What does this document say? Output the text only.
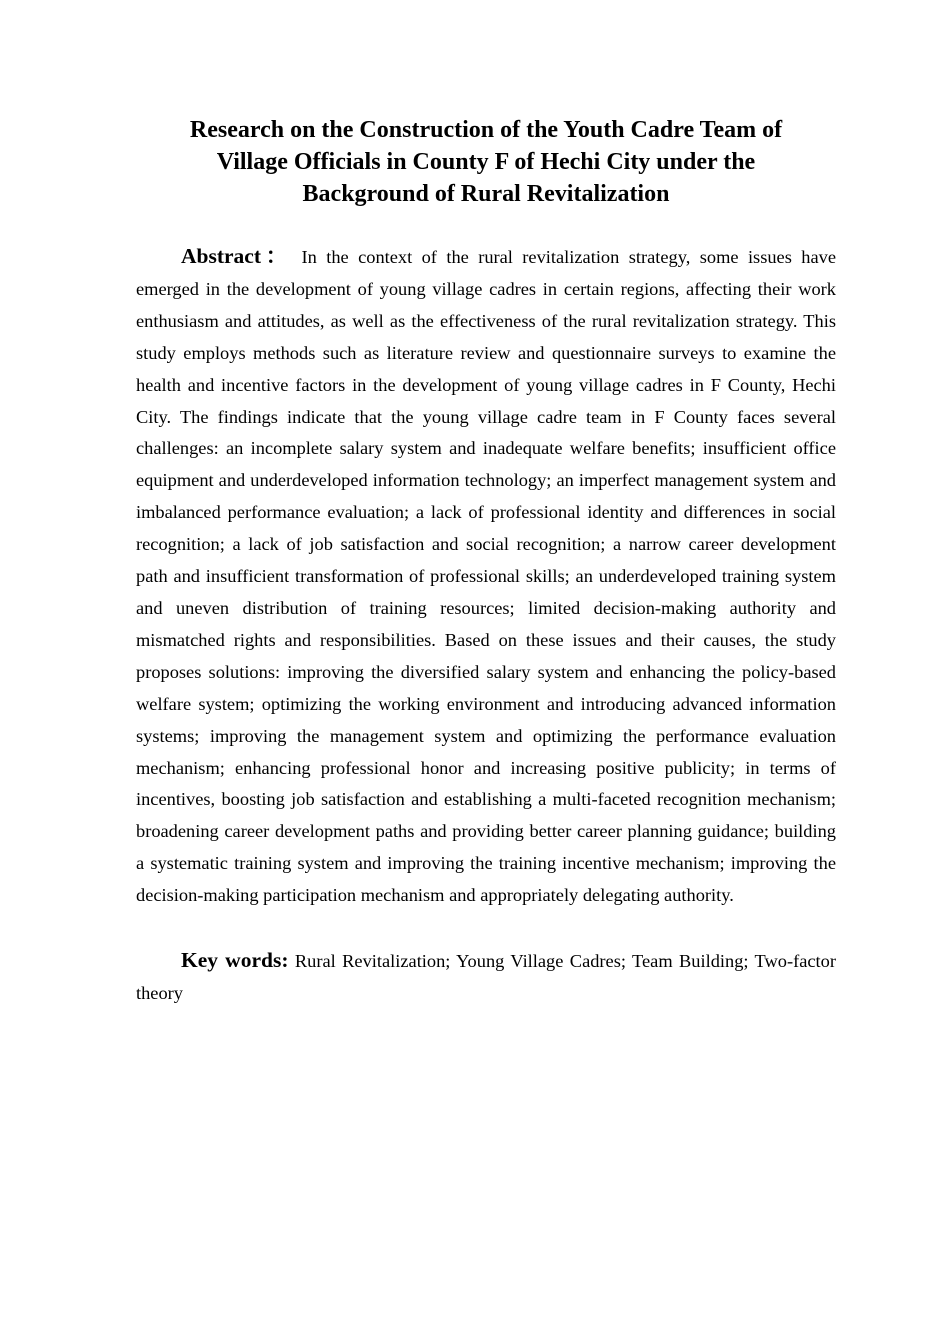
Research on the Construction of the Youth Cadre Team of
Village Officials in County F of Hechi City under the
Background of Rural Revitalization

Abstract： In the context of the rural revitalization strategy, some issues have emerged in the development of young village cadres in certain regions, affecting their work enthusiasm and attitudes, as well as the effectiveness of the rural revitalization strategy. This study employs methods such as literature review and questionnaire surveys to examine the health and incentive factors in the development of young village cadres in F County, Hechi City. The findings indicate that the young village cadre team in F County faces several challenges: an incomplete salary system and inadequate welfare benefits; insufficient office equipment and underdeveloped information technology; an imperfect management system and imbalanced performance evaluation; a lack of professional identity and differences in social recognition; a lack of job satisfaction and social recognition; a narrow career development path and insufficient transformation of professional skills; an underdeveloped training system and uneven distribution of training resources; limited decision-making authority and mismatched rights and responsibilities. Based on these issues and their causes, the study proposes solutions: improving the diversified salary system and enhancing the policy-based welfare system; optimizing the working environment and introducing advanced information systems; improving the management system and optimizing the performance evaluation mechanism; enhancing professional honor and increasing positive publicity; in terms of incentives, boosting job satisfaction and establishing a multi-faceted recognition mechanism; broadening career development paths and providing better career planning guidance; building a systematic training system and improving the training incentive mechanism; improving the decision-making participation mechanism and appropriately delegating authority.

Key words: Rural Revitalization; Young Village Cadres; Team Building; Two-factor theory
